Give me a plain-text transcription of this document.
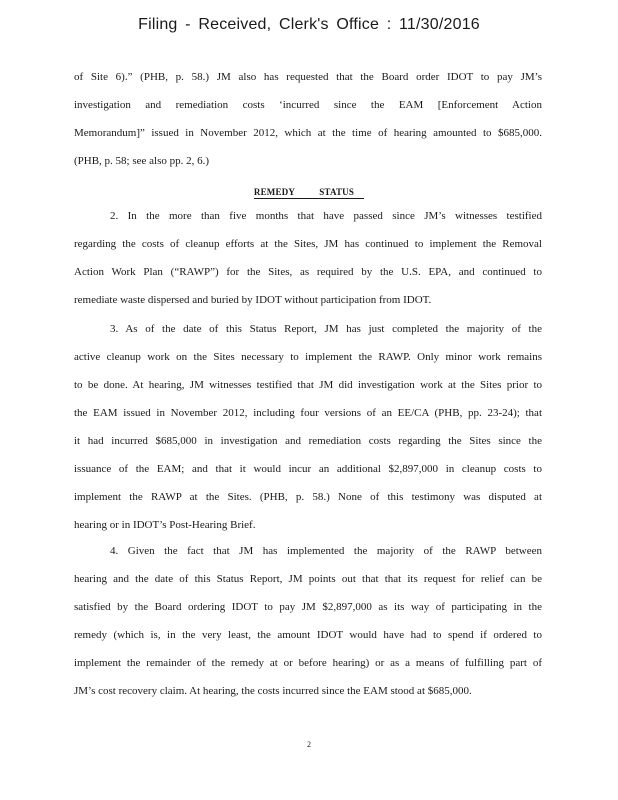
Filing - Received, Clerk's Office : 11/30/2016
of Site 6).” (PHB, p. 58.) JM also has requested that the Board order IDOT to pay JM’s
investigation and remediation costs ‘incurred since the EAM [Enforcement Action
Memorandum]” issued in November 2012, which at the time of hearing amounted to $685,000.
(PHB, p. 58; see also pp. 2, 6.)
REMEDY STATUS
2. In the more than five months that have passed since JM’s witnesses testified
regarding the costs of cleanup efforts at the Sites, JM has continued to implement the Removal
Action Work Plan (“RAWP”) for the Sites, as required by the U.S. EPA, and continued to
remediate waste dispersed and buried by IDOT without participation from IDOT.
3. As of the date of this Status Report, JM has just completed the majority of the
active cleanup work on the Sites necessary to implement the RAWP. Only minor work remains
to be done. At hearing, JM witnesses testified that JM did investigation work at the Sites prior to
the EAM issued in November 2012, including four versions of an EE/CA (PHB, pp. 23-24); that
it had incurred $685,000 in investigation and remediation costs regarding the Sites since the
issuance of the EAM; and that it would incur an additional $2,897,000 in cleanup costs to
implement the RAWP at the Sites. (PHB, p. 58.) None of this testimony was disputed at
hearing or in IDOT’s Post-Hearing Brief.
4. Given the fact that JM has implemented the majority of the RAWP between
hearing and the date of this Status Report, JM points out that that its request for relief can be
satisfied by the Board ordering IDOT to pay JM $2,897,000 as its way of participating in the
remedy (which is, in the very least, the amount IDOT would have had to spend if ordered to
implement the remainder of the remedy at or before hearing) or as a means of fulfilling part of
JM’s cost recovery claim. At hearing, the costs incurred since the EAM stood at $685,000.
2
